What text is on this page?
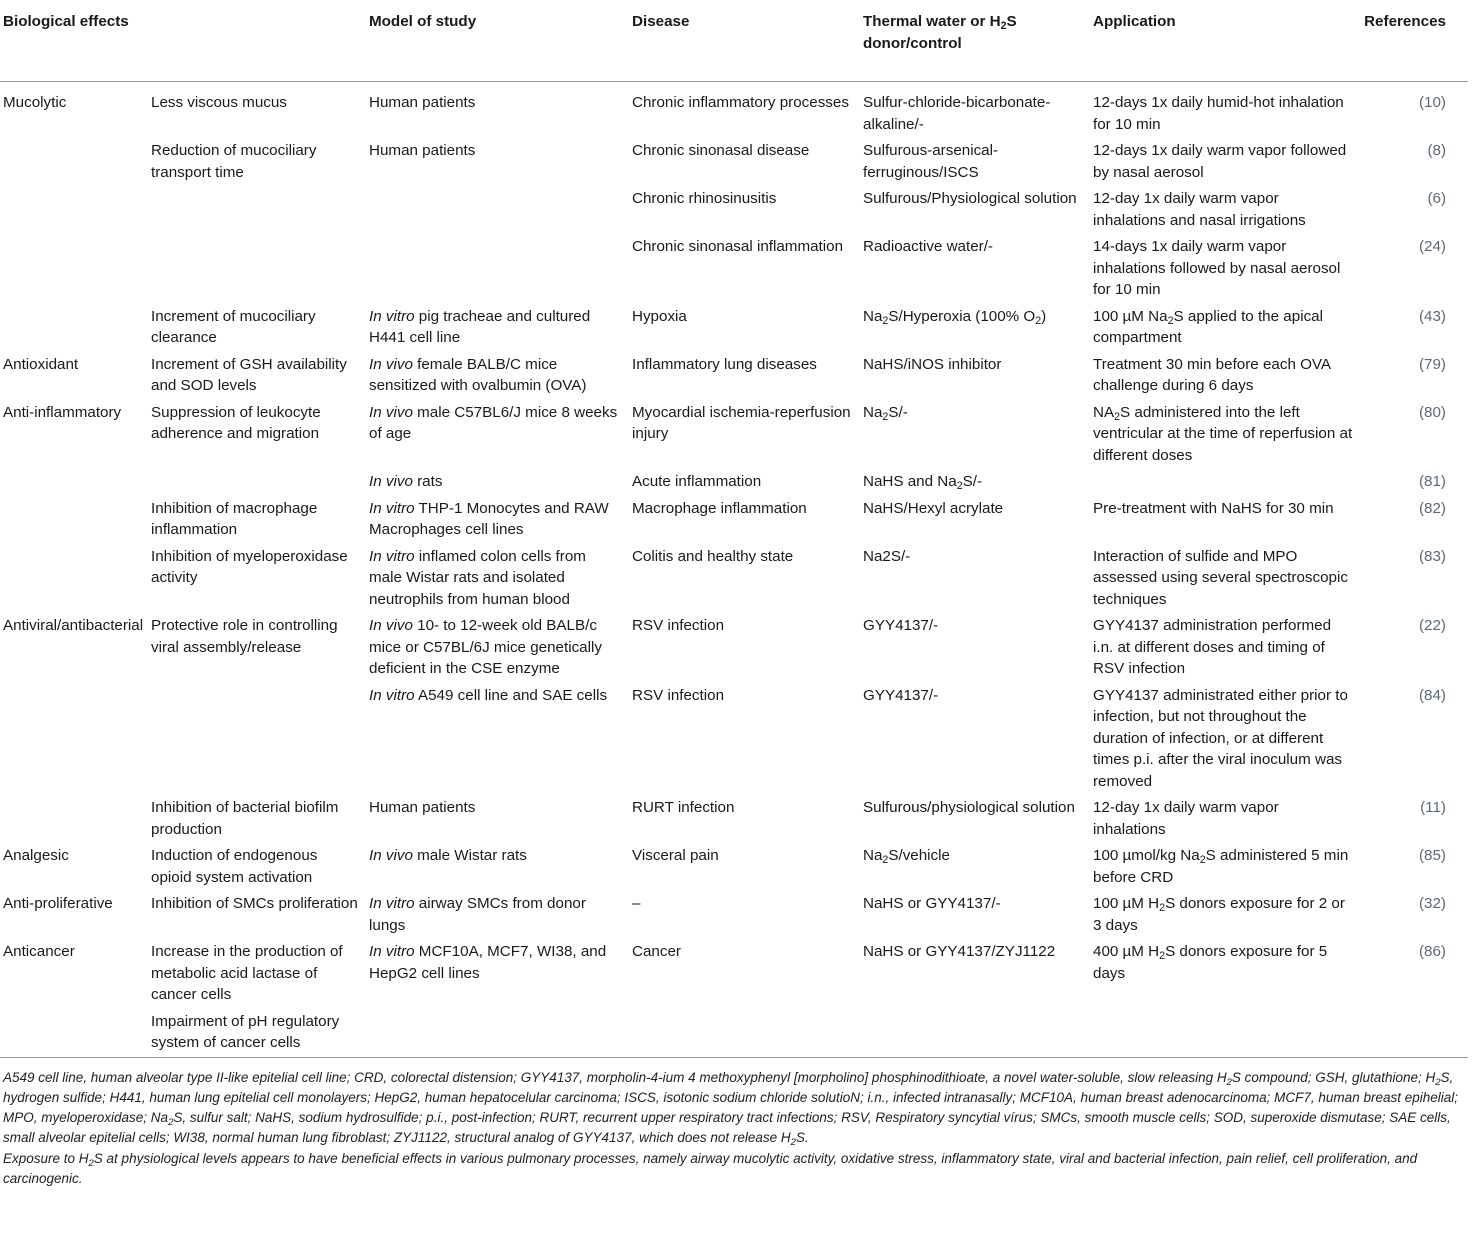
Biological effects		Model of study	Disease	Thermal water or $H_2S$ donor/control	Application	References
Mucolytic	Less viscous mucus	Human patients	Chronic inflammatory processes	Sulfur-chloride-bicarbonate-alkaline/-	12-days 1x daily humid-hot inhalation for 10 min	(10)
	Reduction of mucociliary transport time	Human patients	Chronic sinonasal disease	Sulfurous-arsenical-ferruginous/ISCS	12-days 1x daily warm vapor followed by nasal aerosol	(8)
			Chronic rhinosinusitis	Sulfurous/Physiological solution	12-day 1x daily warm vapor inhalations and nasal irrigations	(6)
			Chronic sinonasal inflammation	Radioactive water/-	14-days 1x daily warm vapor inhalations followed by nasal aerosol for 10 min	(24)
	Increment of mucociliary clearance	In vitro pig tracheae and cultured H441 cell line	Hypoxia	$Na_2S$/Hyperoxia (100% $O_2$)	100 µM $Na_2S$ applied to the apical compartment	(43)
Antioxidant	Increment of GSH availability and SOD levels	In vivo female BALB/C mice sensitized with ovalbumin (OVA)	Inflammatory lung diseases	NaHS/iNOS inhibitor	Treatment 30 min before each OVA challenge during 6 days	(79)
Anti-inflammatory	Suppression of leukocyte adherence and migration	In vivo male C57BL6/J mice 8 weeks of age	Myocardial ischemia-reperfusion injury	$Na_2S/-$	$NA_2S$ administered into the left ventricular at the time of reperfusion at different doses	(80)
		In vivo rats	Acute inflammation	NaHS and $Na_2S/-$		(81)
	Inhibition of macrophage inflammation	In vitro THP-1 Monocytes and RAW Macrophages cell lines	Macrophage inflammation	NaHS/Hexyl acrylate	Pre-treatment with NaHS for 30 min	(82)
	Inhibition of myeloperoxidase activity	In vitro inflamed colon cells from male Wistar rats and isolated neutrophils from human blood	Colitis and healthy state	Na2S/-	Interaction of sulfide and MPO assessed using several spectroscopic techniques	(83)
Antiviral/antibacterial	Protective role in controlling viral assembly/release	In vivo 10- to 12-week old BALB/c mice or C57BL/6J mice genetically deficient in the CSE enzyme	RSV infection	GYY4137/-	GYY4137 administration performed i.n. at different doses and timing of RSV infection	(22)
		In vitro A549 cell line and SAE cells	RSV infection	GYY4137/-	GYY4137 administrated either prior to infection, but not throughout the duration of infection, or at different times p.i. after the viral inoculum was removed	(84)
	Inhibition of bacterial biofilm production	Human patients	RURT infection	Sulfurous/physiological solution	12-day 1x daily warm vapor inhalations	(11)
Analgesic	Induction of endogenous opioid system activation	In vivo male Wistar rats	Visceral pain	$Na_2S$/vehicle	100 µmol/kg $Na_2S$ administered 5 min before CRD	(85)
Anti-proliferative	Inhibition of SMCs proliferation	In vitro airway SMCs from donor lungs	–	NaHS or GYY4137/-	100 µM $H_2S$ donors exposure for 2 or 3 days	(32)
Anticancer	Increase in the production of metabolic acid lactase of cancer cells	In vitro MCF10A, MCF7, WI38, and HepG2 cell lines	Cancer	NaHS or GYY4137/ZYJ1122	400 µM $H_2S$ donors exposure for 5 days	(86)
	Impairment of pH regulatory system of cancer cells					

A549 cell line, human alveolar type II-like epitelial cell line; CRD, colorectal distension; GYY4137, morpholin-4-ium 4 methoxyphenyl [morpholino] phosphinodithioate, a novel water-soluble, slow releasing $H_2S$ compound; GSH, glutathione; $H_2S$, hydrogen sulfide; H441, human lung epitelial cell monolayers; HepG2, human hepatocelular carcinoma; ISCS, isotonic sodium chloride solutioN; i.n., infected intranasally; MCF10A, human breast adenocarcinoma; MCF7, human breast epihelial; MPO, myeloperoxidase; $Na_2S$, sulfur salt; NaHS, sodium hydrosulfide; p.i., post-infection; RURT, recurrent upper respiratory tract infections; RSV, Respiratory syncytial vírus; SMCs, smooth muscle cells; SOD, superoxide dismutase; SAE cells, small alveolar epitelial cells; WI38, normal human lung fibroblast; ZYJ1122, structural analog of GYY4137, which does not release $H_2S$.

Exposure to $H_2S$ at physiological levels appears to have beneficial effects in various pulmonary processes, namely airway mucolytic activity, oxidative stress, inflammatory state, viral and bacterial infection, pain relief, cell proliferation, and carcinogenic.
